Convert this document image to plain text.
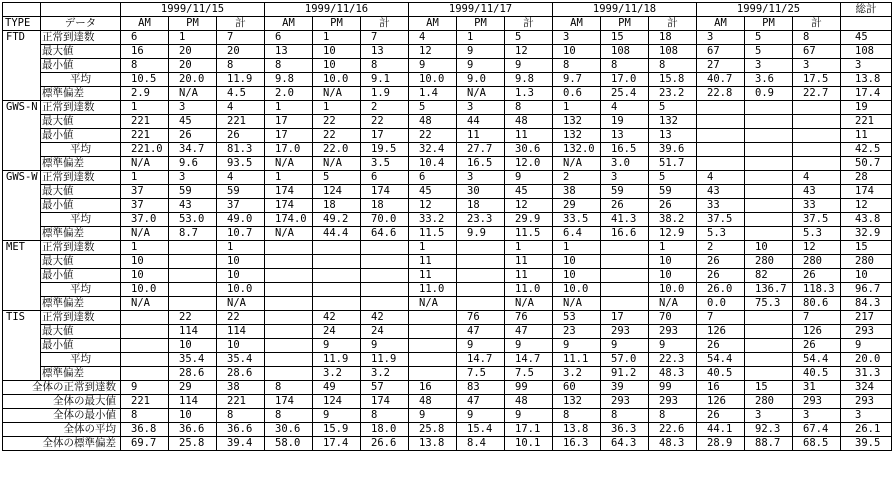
		1999/11/15			1999/11/16			1999/11/17			1999/11/18			1999/11/25			総計
TYPE	データ	AM	PM	計	AM	PM	計	AM	PM	計	AM	PM	計	AM	PM	計	
FTD	正常到達数	6	1	7	6	1	7	4	1	5	3	15	18	3	5	8	45
	最大値	16	20	20	13	10	13	12	9	12	10	108	108	67	5	67	108
	最小値	8	20	8	8	10	8	9	9	9	8	8	8	27	3	3	3
	平均	10.5	20.0	11.9	9.8	10.0	9.1	10.0	9.0	9.8	9.7	17.0	15.8	40.7	3.6	17.5	13.8
	標準偏差	2.9	N/A	4.5	2.0	N/A	1.9	1.4	N/A	1.3	0.6	25.4	23.2	22.8	0.9	22.7	17.4
GWS-N	正常到達数	1	3	4	1	1	2	5	3	8	1	4	5				19
	最大値	221	45	221	17	22	22	48	44	48	132	19	132				221
	最小値	221	26	26	17	22	17	22	11	11	132	13	13				11
	平均	221.0	34.7	81.3	17.0	22.0	19.5	32.4	27.7	30.6	132.0	16.5	39.6				42.5
	標準偏差	N/A	9.6	93.5	N/A	N/A	3.5	10.4	16.5	12.0	N/A	3.0	51.7				50.7
GWS-W	正常到達数	1	3	4	1	5	6	6	3	9	2	3	5	4		4	28
	最大値	37	59	59	174	124	174	45	30	45	38	59	59	43		43	174
	最小値	37	43	37	174	18	18	12	18	12	29	26	26	33		33	12
	平均	37.0	53.0	49.0	174.0	49.2	70.0	33.2	23.3	29.9	33.5	41.3	38.2	37.5		37.5	43.8
	標準偏差	N/A	8.7	10.7	N/A	44.4	64.6	11.5	9.9	11.5	6.4	16.6	12.9	5.3		5.3	32.9
MET	正常到達数	1		1				1		1	1		1	2	10	12	15
	最大値	10		10				11		11	10		10	26	280	280	280
	最小値	10		10				11		11	10		10	26	82	26	10
	平均	10.0		10.0				11.0		11.0	10.0		10.0	26.0	136.7	118.3	96.7
	標準偏差	N/A		N/A				N/A		N/A	N/A		N/A	0.0	75.3	80.6	84.3
TIS	正常到達数		22	22		42	42		76	76	53	17	70	7		7	217
	最大値		114	114		24	24		47	47	23	293	293	126		126	293
	最小値		10	10		9	9		9	9	9	9	9	26		26	9
	平均		35.4	35.4		11.9	11.9		14.7	14.7	11.1	57.0	22.3	54.4		54.4	20.0
	標準偏差		28.6	28.6		3.2	3.2		7.5	7.5	3.2	91.2	48.3	40.5		40.5	31.3
全体の正常到達数		9	29	38	8	49	57	16	83	99	60	39	99	16	15	31	324
全体の最大値		221	114	221	174	124	174	48	47	48	132	293	293	126	280	293	293
全体の最小値		8	10	8	8	9	8	9	9	9	8	8	8	26	3	3	3
全体の平均		36.8	36.6	36.6	30.6	15.9	18.0	25.8	15.4	17.1	13.8	36.3	22.6	44.1	92.3	67.4	26.1
全体の標準偏差		69.7	25.8	39.4	58.0	17.4	26.6	13.8	8.4	10.1	16.3	64.3	48.3	28.9	88.7	68.5	39.5
